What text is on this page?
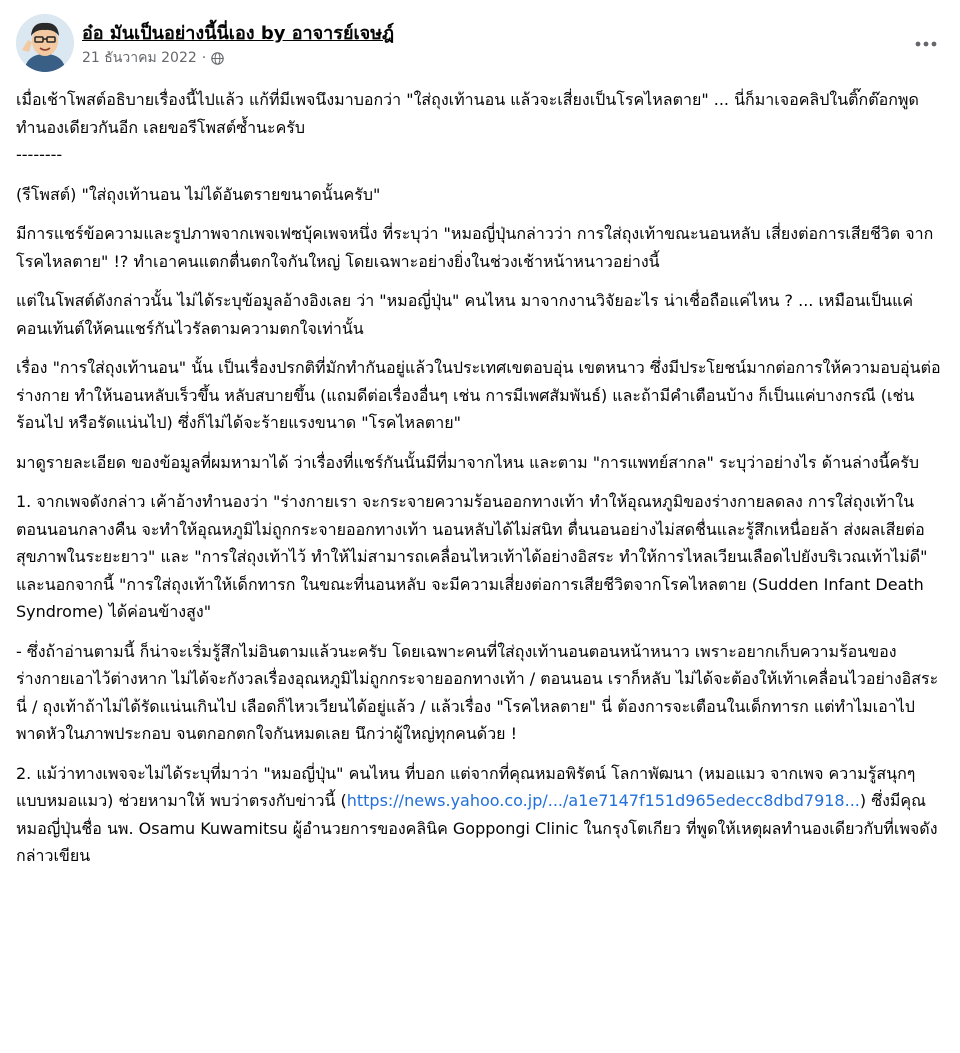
อ๋อ มันเป็นอย่างนี้นี่เอง by อาจารย์เจษฎ์
21 ธันวาคม 2022 ·

เมื่อเช้าโพสต์อธิบายเรื่องนี้ไปแล้ว แก้ที่มีเพจนึงมาบอกว่า "ใส่ถุงเท้านอน แล้วจะเสี่ยงเป็นโรคไหลตาย" ... นี่ก็มาเจอคลิปในติ๊กต๊อกพูดทำนองเดียวกันอีก เลยขอรีโพสต์ซ้ำนะครับ
--------

(รีโพสต์) "ใส่ถุงเท้านอน ไม่ได้อันตรายขนาดนั้นครับ"

มีการแชร์ข้อความและรูปภาพจากเพจเฟซบุ้คเพจหนึ่ง ที่ระบุว่า "หมอญี่ปุ่นกล่าวว่า การใส่ถุงเท้าขณะนอนหลับ เสี่ยงต่อการเสียชีวิต จากโรคไหลตาย" !? ทำเอาคนแตกตื่นตกใจกันใหญ่ โดยเฉพาะอย่างยิ่งในช่วงเช้าหน้าหนาวอย่างนี้

แต่ในโพสต์ดังกล่าวนั้น ไม่ได้ระบุข้อมูลอ้างอิงเลย ว่า "หมอญี่ปุ่น" คนไหน มาจากงานวิจัยอะไร น่าเชื่อถือแค่ไหน ? ... เหมือนเป็นแค่คอนเท้นต์ให้คนแชร์กันไวรัลตามความตกใจเท่านั้น

เรื่อง "การใส่ถุงเท้านอน" นั้น เป็นเรื่องปรกติที่มักทำกันอยู่แล้วในประเทศเขตอบอุ่น เขตหนาว ซึ่งมีประโยชน์มากต่อการให้ความอบอุ่นต่อร่างกาย ทำให้นอนหลับเร็วขึ้น หลับสบายขึ้น (แถมดีต่อเรื่องอื่นๆ เช่น การมีเพศสัมพันธ์) และถ้ามีคำเตือนบ้าง ก็เป็นแค่บางกรณี (เช่น ร้อนไป หรือรัดแน่นไป) ซึ่งก็ไม่ได้จะร้ายแรงขนาด "โรคไหลตาย"

มาดูรายละเอียด ของข้อมูลที่ผมหามาได้ ว่าเรื่องที่แชร์กันนั้นมีที่มาจากไหน และตาม "การแพทย์สากล" ระบุว่าอย่างไร ด้านล่างนี้ครับ

1. จากเพจดังกล่าว เค้าอ้างทำนองว่า "ร่างกายเรา จะกระจายความร้อนออกทางเท้า ทำให้อุณหภูมิของร่างกายลดลง การใส่ถุงเท้าในตอนนอนกลางคืน จะทำให้อุณหภูมิไม่ถูกกระจายออกทางเท้า นอนหลับได้ไม่สนิท ตื่นนอนอย่างไม่สดชื่นและรู้สึกเหนื่อยล้า ส่งผลเสียต่อสุขภาพในระยะยาว" และ "การใส่ถุงเท้าไว้ ทำให้ไม่สามารถเคลื่อนไหวเท้าได้อย่างอิสระ ทำให้การไหลเวียนเลือดไปยังบริเวณเท้าไม่ดี" และนอกจากนี้ "การใส่ถุงเท้าให้เด็กทารก ในขณะที่นอนหลับ จะมีความเสี่ยงต่อการเสียชีวิตจากโรคไหลตาย (Sudden Infant Death Syndrome) ได้ค่อนข้างสูง"

- ซึ่งถ้าอ่านตามนี้ ก็น่าจะเริ่มรู้สึกไม่อินตามแล้วนะครับ โดยเฉพาะคนที่ใส่ถุงเท้านอนตอนหน้าหนาว เพราะอยากเก็บความร้อนของร่างกายเอาไว้ต่างหาก ไม่ได้จะกังวลเรื่องอุณหภูมิไม่ถูกกระจายออกทางเท้า / ตอนนอน เราก็หลับ ไม่ได้จะต้องให้เท้าเคลื่อนไวอย่างอิสระนี่ / ถุงเท้าถ้าไม่ได้รัดแน่นเกินไป เลือดก็ไหวเวียนได้อยู่แล้ว / แล้วเรื่อง "โรคไหลตาย" นี่ ต้องการจะเตือนในเด็กทารก แต่ทำไมเอาไปพาดหัวในภาพประกอบ จนตกอกตกใจกันหมดเลย นึกว่าผู้ใหญ่ทุกคนด้วย !

2. แม้ว่าทางเพจจะไม่ได้ระบุที่มาว่า "หมอญี่ปุ่น" คนไหน ที่บอก แต่จากที่คุณหมอพิรัตน์ โลกาพัฒนา (หมอแมว จากเพจ ความรู้สนุกๆแบบหมอแมว) ช่วยหามาให้ พบว่าตรงกับข่าวนี้ (https://news.yahoo.co.jp/.../a1e7147f151d965edecc8dbd7918...) ซึ่งมีคุณหมอญี่ปุ่นชื่อ นพ. Osamu Kuwamitsu ผู้อำนวยการของคลินิค Goppongi Clinic ในกรุงโตเกียว ที่พูดให้เหตุผลทำนองเดียวกับที่เพจดังกล่าวเขียน
